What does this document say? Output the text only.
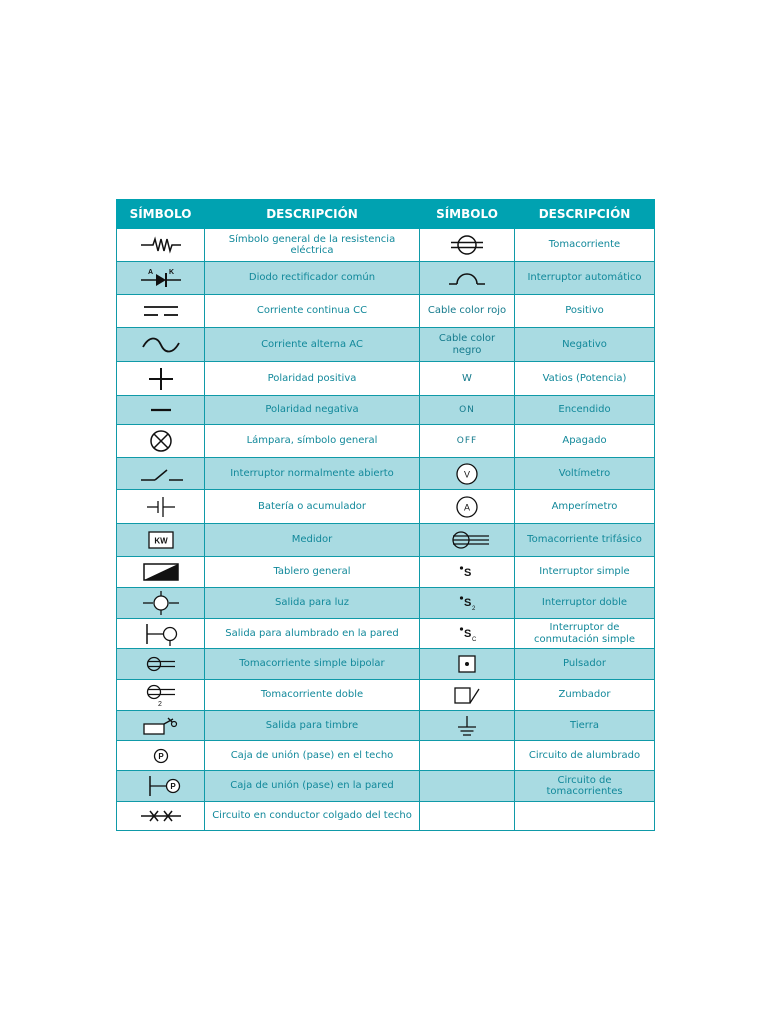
SÍMBOLO	DESCRIPCIÓN	SÍMBOLO	DESCRIPCIÓN

	Símbolo general de la resistencia eléctrica		Tomacorriente

A K	Diodo rectificador común		Interruptor automático

	Corriente continua CC	Cable color rojo	Positivo

	Corriente alterna AC	Cable color negro	Negativo

	Polaridad positiva	W	Vatios (Potencia)

	Polaridad negativa	ON	Encendido

	Lámpara, símbolo general	OFF	Apagado

	Interruptor normalmente abierto	V	Voltímetro

	Batería o acumulador	A	Amperímetro

KW	Medidor		Tomacorriente trifásico

	Tablero general	S	Interruptor simple

	Salida para luz	S 2	Interruptor doble

	Salida para alumbrado en la pared	S C	Interruptor de conmutación simple

	Tomacorriente simple bipolar		Pulsador

2	Tomacorriente doble		Zumbador

	Salida para timbre		Tierra

P	Caja de unión (pase) en el techo		Circuito de alumbrado

P	Caja de unión (pase) en la pared		Circuito de tomacorrientes

	Circuito en conductor colgado del techo		
